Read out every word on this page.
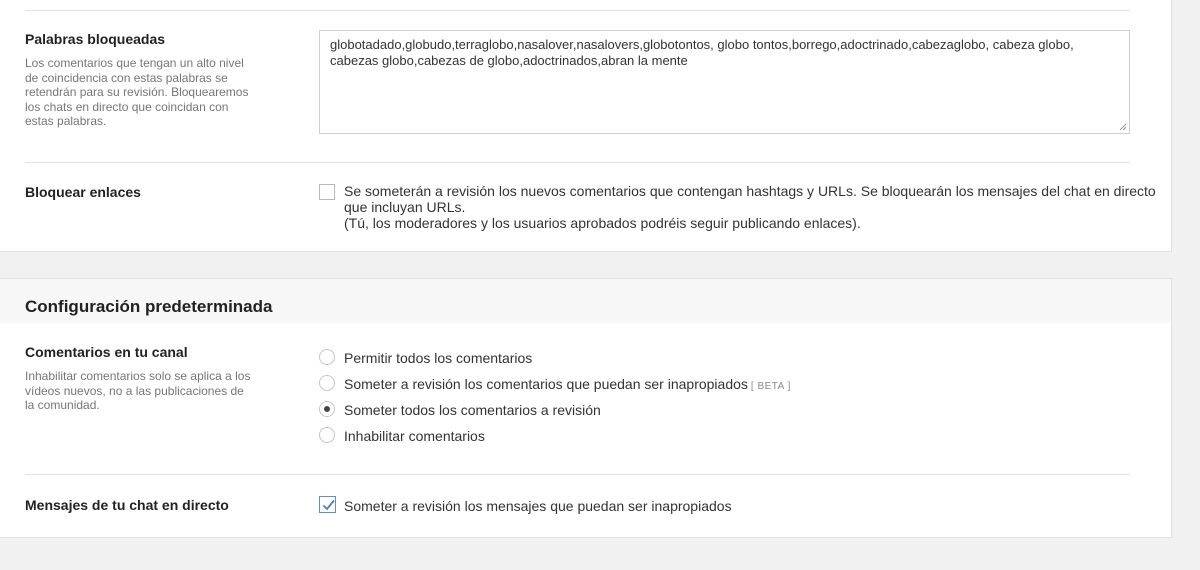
Palabras bloqueadas
Los comentarios que tengan un alto nivel de coincidencia con estas palabras se retendrán para su revisión. Bloquearemos los chats en directo que coincidan con estas palabras.
globotadado,globudo,terraglobo,nasalover,nasalovers,globotontos, globo tontos,borrego,adoctrinado,cabezaglobo, cabeza globo, cabezas globo,cabezas de globo,adoctrinados,abran la mente
Bloquear enlaces	Se someterán a revisión los nuevos comentarios que contengan hashtags y URLs. Se bloquearán los mensajes del chat en directo
que incluyan URLs.
(Tú, los moderadores y los usuarios aprobados podréis seguir publicando enlaces).
Configuración predeterminada
Comentarios en tu canal
Inhabilitar comentarios solo se aplica a los vídeos nuevos, no a las publicaciones de la comunidad.
Permitir todos los comentarios
Someter a revisión los comentarios que puedan ser inapropiados [ BETA ]
Someter todos los comentarios a revisión
Inhabilitar comentarios
Mensajes de tu chat en directo	Someter a revisión los mensajes que puedan ser inapropiados
